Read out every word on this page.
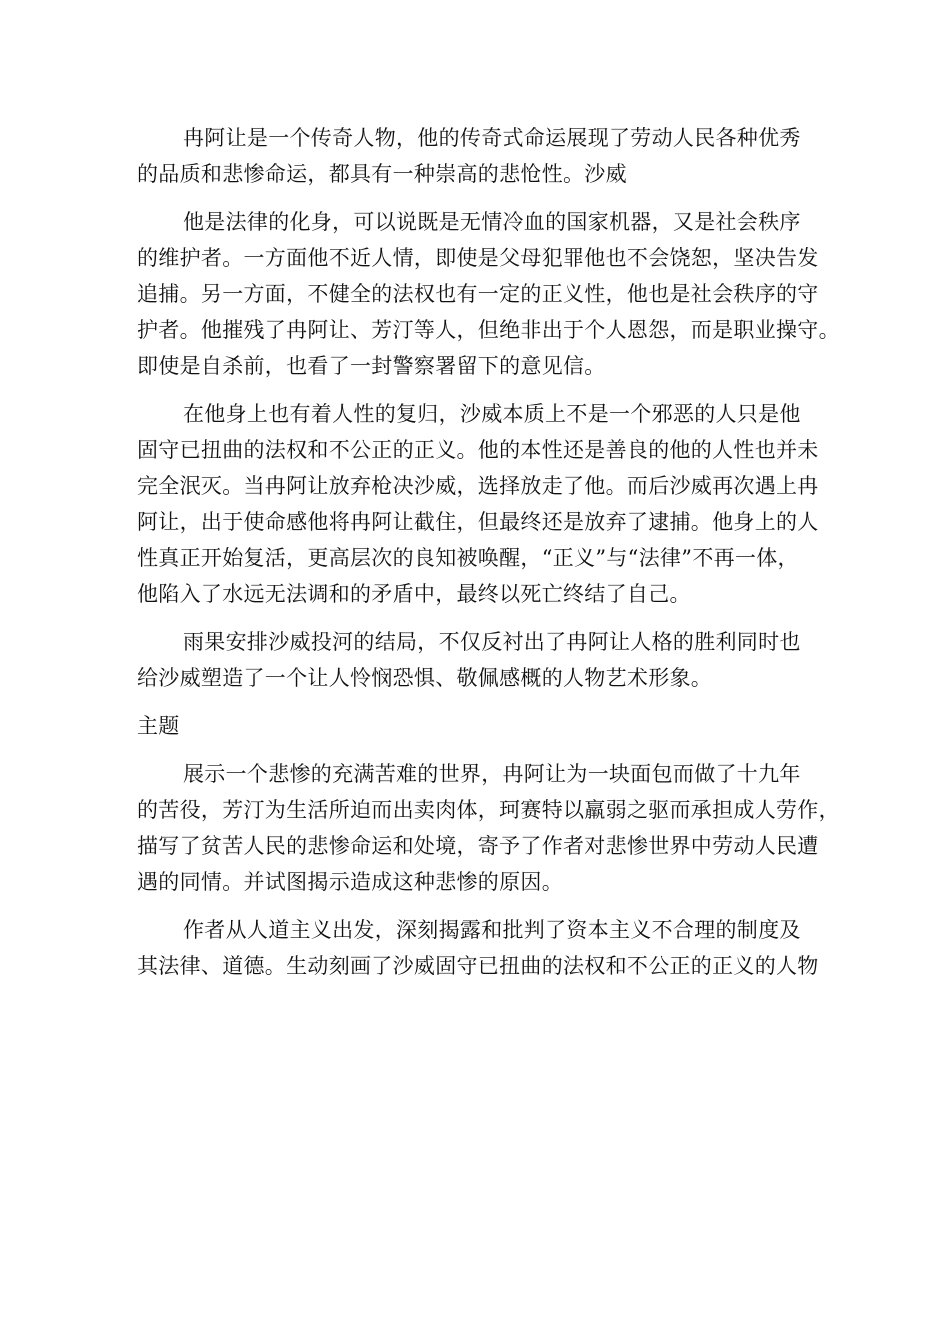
冉阿让是一个传奇人物，他的传奇式命运展现了劳动人民各种优秀
的品质和悲惨命运，都具有一种崇高的悲怆性。沙威
他是法律的化身，可以说既是无情冷血的国家机器，又是社会秩序
的维护者。一方面他不近人情，即使是父母犯罪他也不会饶恕，坚决告发
追捕。另一方面，不健全的法权也有一定的正义性，他也是社会秩序的守
护者。他摧残了冉阿让、芳汀等人，但绝非出于个人恩怨，而是职业操守。
即使是自杀前，也看了一封警察署留下的意见信。
在他身上也有着人性的复归，沙威本质上不是一个邪恶的人只是他
固守已扭曲的法权和不公正的正义。他的本性还是善良的他的人性也并未
完全泯灭。当冉阿让放弃枪决沙威，选择放走了他。而后沙威再次遇上冉
阿让，出于使命感他将冉阿让截住，但最终还是放弃了逮捕。他身上的人
性真正开始复活，更高层次的良知被唤醒，“正义”与“法律”不再一体，
他陷入了水远无法调和的矛盾中，最终以死亡终结了自己。
雨果安排沙威投河的结局，不仅反衬出了冉阿让人格的胜利同时也
给沙威塑造了一个让人怜悯恐惧、敬佩感概的人物艺术形象。
主题
展示一个悲惨的充满苦难的世界，冉阿让为一块面包而做了十九年
的苦役，芳汀为生活所迫而出卖肉体，珂赛特以羸弱之驱而承担成人劳作，
描写了贫苦人民的悲惨命运和处境，寄予了作者对悲惨世界中劳动人民遭
遇的同情。并试图揭示造成这种悲惨的原因。
作者从人道主义出发，深刻揭露和批判了资本主义不合理的制度及
其法律、道德。生动刻画了沙威固守已扭曲的法权和不公正的正义的人物
